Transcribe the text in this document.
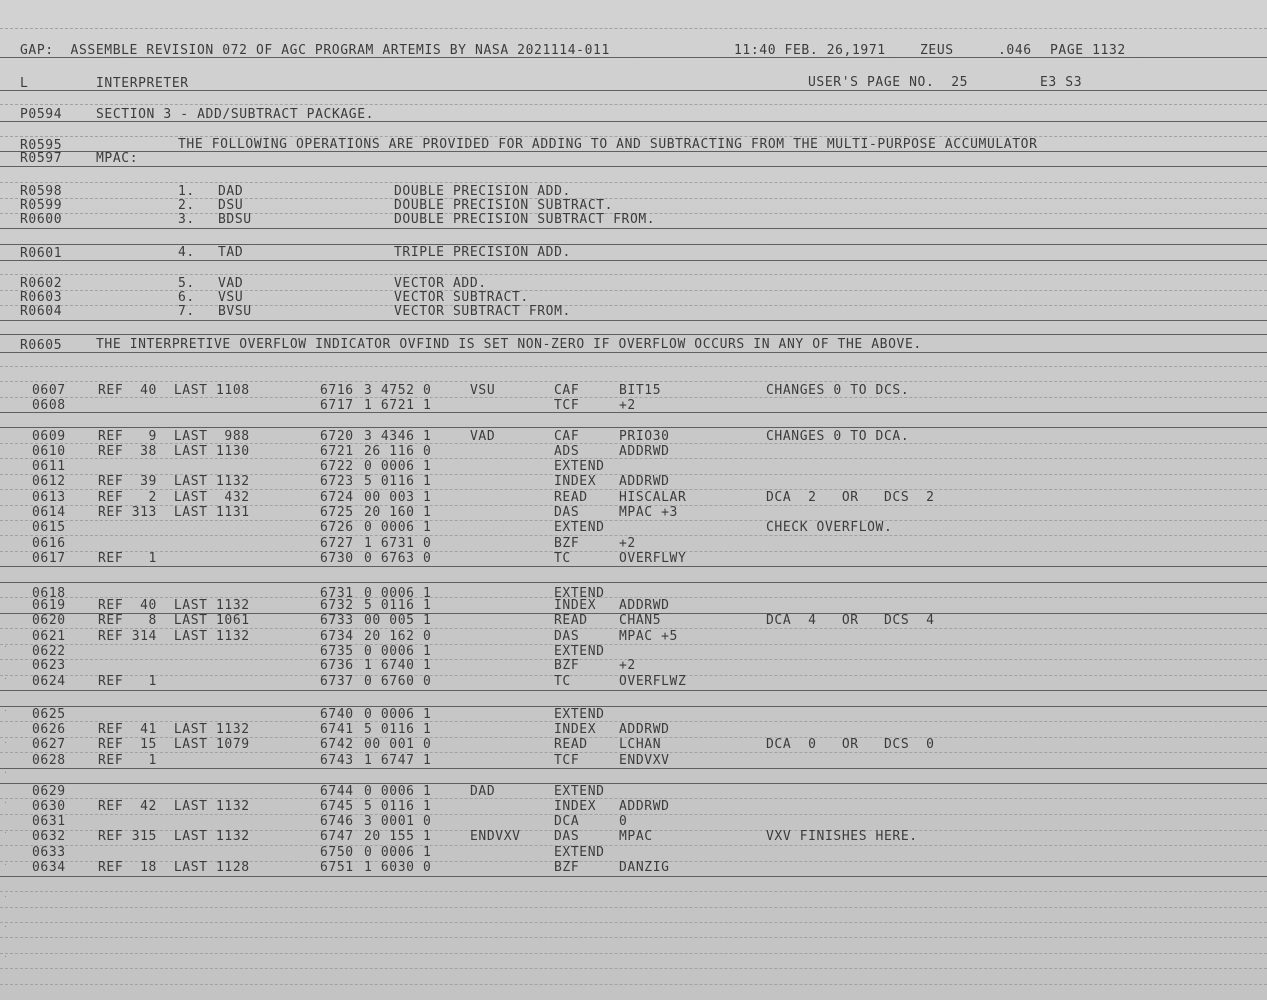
.
.
.
.
.
.
.
.
.
.
.
GAP:  ASSEMBLE REVISION 072 OF AGC PROGRAM ARTEMIS BY NASA 2021114-011	11:40 FEB. 26,1971	ZEUS	.046 PAGE 1132
L	INTERPRETER	USER'S PAGE NO.  25	E3 S3
P0594	SECTION 3 - ADD/SUBTRACT PACKAGE.
R0595	THE FOLLOWING OPERATIONS ARE PROVIDED FOR ADDING TO AND SUBTRACTING FROM THE MULTI-PURPOSE ACCUMULATOR
R0597	MPAC:
R0598	1. DAD	DOUBLE PRECISION ADD.
R0599	2. DSU	DOUBLE PRECISION SUBTRACT.
R0600	3. BDSU	DOUBLE PRECISION SUBTRACT FROM.
R0601	4. TAD	TRIPLE PRECISION ADD.
R0602	5. VAD	VECTOR ADD.
R0603	6. VSU	VECTOR SUBTRACT.
R0604	7. BVSU	VECTOR SUBTRACT FROM.
R0605	THE INTERPRETIVE OVERFLOW INDICATOR OVFIND IS SET NON-ZERO IF OVERFLOW OCCURS IN ANY OF THE ABOVE.
0607 REF  40  LAST 1108	6716 3 4752 0	VSU	CAF	BIT15	CHANGES 0 TO DCS.
0608	6717 1 6721 1	TCF	+2
0609 REF   9  LAST  988	6720 3 4346 1	VAD	CAF	PRIO30	CHANGES 0 TO DCA.
0610 REF  38  LAST 1130	6721 26 116 0	ADS	ADDRWD
0611	6722 0 0006 1	EXTEND
0612 REF  39  LAST 1132	6723 5 0116 1	INDEX ADDRWD
0613 REF   2  LAST  432	6724 00 003 1	READ HISCALAR	DCA  2   OR   DCS  2
0614 REF 313  LAST 1131	6725 20 160 1	DAS	MPAC +3
0615	6726 0 0006 1	EXTEND	CHECK OVERFLOW.
0616	6727 1 6731 0	BZF	+2
0617 REF   1	6730 0 6763 0	TC	OVERFLWY
0618	6731 0 0006 1	EXTEND
0619 REF  40  LAST 1132	6732 5 0116 1	INDEX ADDRWD
0620 REF   8  LAST 1061	6733 00 005 1	READ CHAN5	DCA  4   OR   DCS  4
0621 REF 314  LAST 1132	6734 20 162 0	DAS	MPAC +5
0622	6735 0 0006 1	EXTEND
0623	6736 1 6740 1	BZF	+2
0624 REF   1	6737 0 6760 0	TC	OVERFLWZ
0625	6740 0 0006 1	EXTEND
0626 REF  41  LAST 1132	6741 5 0116 1	INDEX ADDRWD
0627 REF  15  LAST 1079	6742 00 001 0	READ LCHAN	DCA  0   OR   DCS  0
0628 REF   1	6743 1 6747 1	TCF	ENDVXV
0629	6744 0 0006 1	DAD	EXTEND
0630 REF  42  LAST 1132	6745 5 0116 1	INDEX ADDRWD
0631	6746 3 0001 0	DCA	0
0632 REF 315  LAST 1132	6747 20 155 1	ENDVXV	DAS	MPAC	VXV FINISHES HERE.
0633	6750 0 0006 1	EXTEND
0634 REF  18  LAST 1128	6751 1 6030 0	BZF	DANZIG
